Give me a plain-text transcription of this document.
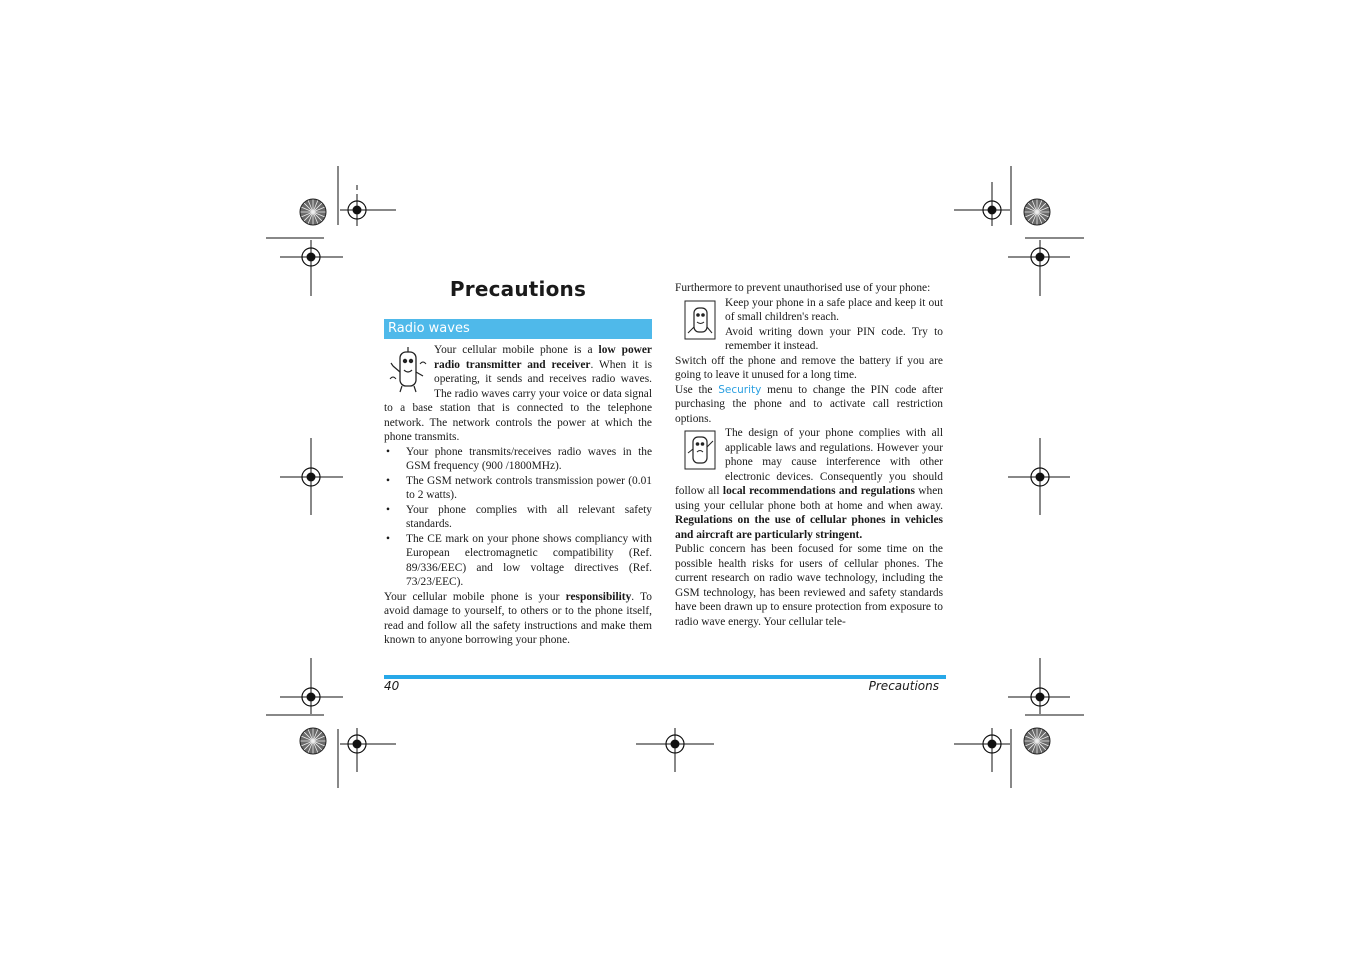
Precautions
Radio waves

Your cellular mobile phone is a low power radio transmitter and receiver. When it is operating, it sends and receives radio waves. The radio waves carry your voice or data signal to a base station that is connected to the telephone network. The network controls the power at which the phone transmits.

• Your phone transmits/receives radio waves in the GSM frequency (900 /1800MHz).
• The GSM network controls transmission power (0.01 to 2 watts).
• Your phone complies with all relevant safety standards.
• The CE mark on your phone shows compliancy with European electromagnetic compatibility (Ref. 89/336/EEC) and low voltage directives (Ref. 73/23/EEC).

Your cellular mobile phone is your responsibility. To avoid damage to yourself, to others or to the phone itself, read and follow all the safety instructions and make them known to anyone borrowing your phone.

Furthermore to prevent unauthorised use of your phone:

Keep your phone in a safe place and keep it out of small children's reach.
Avoid writing down your PIN code. Try to remember it instead.

Switch off the phone and remove the battery if you are going to leave it unused for a long time.

Use the Security menu to change the PIN code after purchasing the phone and to activate call restriction options.

The design of your phone complies with all applicable laws and regulations. However your phone may cause interference with other electronic devices. Consequently you should follow all local recommendations and regulations when using your cellular phone both at home and when away. Regulations on the use of cellular phones in vehicles and aircraft are particularly stringent.

Public concern has been focused for some time on the possible health risks for users of cellular phones. The current research on radio wave technology, including the GSM technology, has been reviewed and safety standards have been drawn up to ensure protection from exposure to radio wave energy. Your cellular tele-

40	Precautions
